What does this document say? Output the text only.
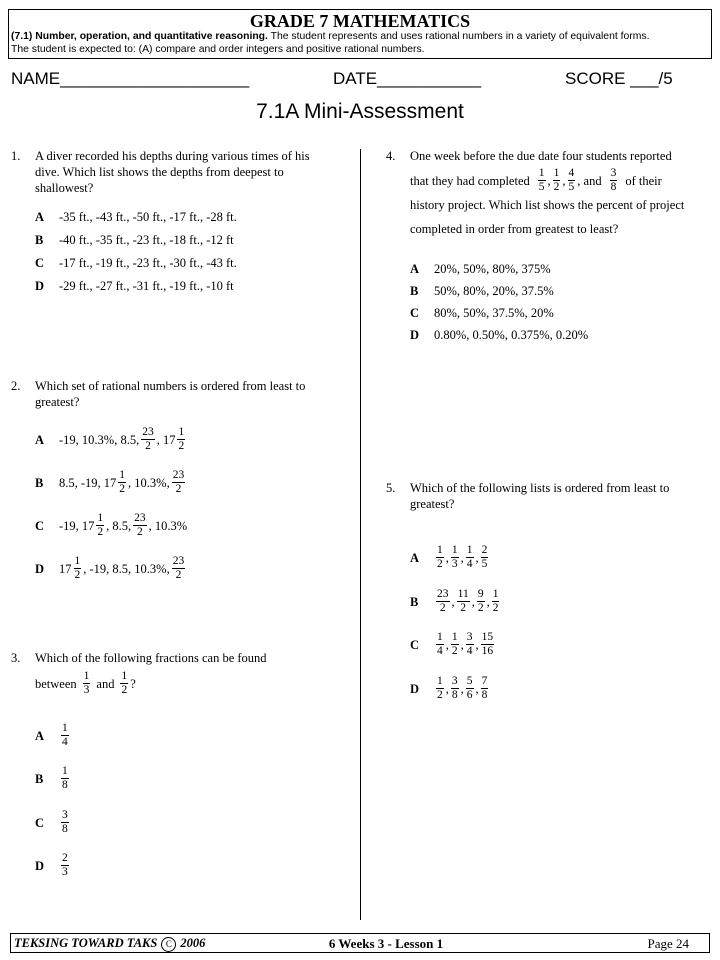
GRADE 7 MATHEMATICS
(7.1) Number, operation, and quantitative reasoning. The student represents and uses rational numbers in a variety of equivalent forms.
The student is expected to: (A) compare and order integers and positive rational numbers.
NAME____________________	DATE___________	SCORE ___/5
7.1A Mini-Assessment
1. A diver recorded his depths during various times of his
dive. Which list shows the depths from deepest to
shallowest?
A	-35 ft., -43 ft., -50 ft., -17 ft., -28 ft.
B	-40 ft., -35 ft., -23 ft., -18 ft., -12 ft
C	-17 ft., -19 ft., -23 ft., -30 ft., -43 ft.
D	-29 ft., -27 ft., -31 ft., -19 ft., -10 ft
2. Which set of rational numbers is ordered from least to
greatest?
A	-19, 10.3%, 8.5, $\frac{23}{2}$ , $17 \frac{1}{2}$
B	8.5, -19, $17 \frac{1}{2}$ , 10.3%, $\frac{23}{2}$
C	-19, $17 \frac{1}{2}$ , 8.5, $\frac{23}{2}$ , 10.3%
D	$17 \frac{1}{2}$ , -19, 8.5, 10.3%, $\frac{23}{2}$
3. Which of the following fractions can be found
between $\frac{1}{3}$ and $\frac{1}{2}$ ?
A	$\frac{1}{4}$
B	$\frac{1}{8}$
C	$\frac{3}{8}$
D	$\frac{2}{3}$
4. One week before the due date four students reported
that they had completed $\frac{1}{5}$ , $\frac{1}{2}$ , $\frac{4}{5}$ , and $\frac{3}{8}$ of their
history project. Which list shows the percent of project
completed in order from greatest to least?
A	20%, 50%, 80%, 375%
B	50%, 80%, 20%, 37.5%
C	80%, 50%, 37.5%, 20%
D	0.80%, 0.50%, 0.375%, 0.20%
5. Which of the following lists is ordered from least to
greatest?
A	$\frac{1}{2}$ , $\frac{1}{3}$ , $\frac{1}{4}$ , $\frac{2}{5}$
B	$\frac{23}{2}$ , $\frac{11}{2}$ , $\frac{9}{2}$ , $\frac{1}{2}$
C	$\frac{1}{4}$ , $\frac{1}{2}$ , $\frac{3}{4}$ , $\frac{15}{16}$
D	$\frac{1}{2}$ , $\frac{3}{8}$ , $\frac{5}{6}$ , $\frac{7}{8}$
TEKSING TOWARD TAKS C 2006	6 Weeks 3 - Lesson 1	Page 24
